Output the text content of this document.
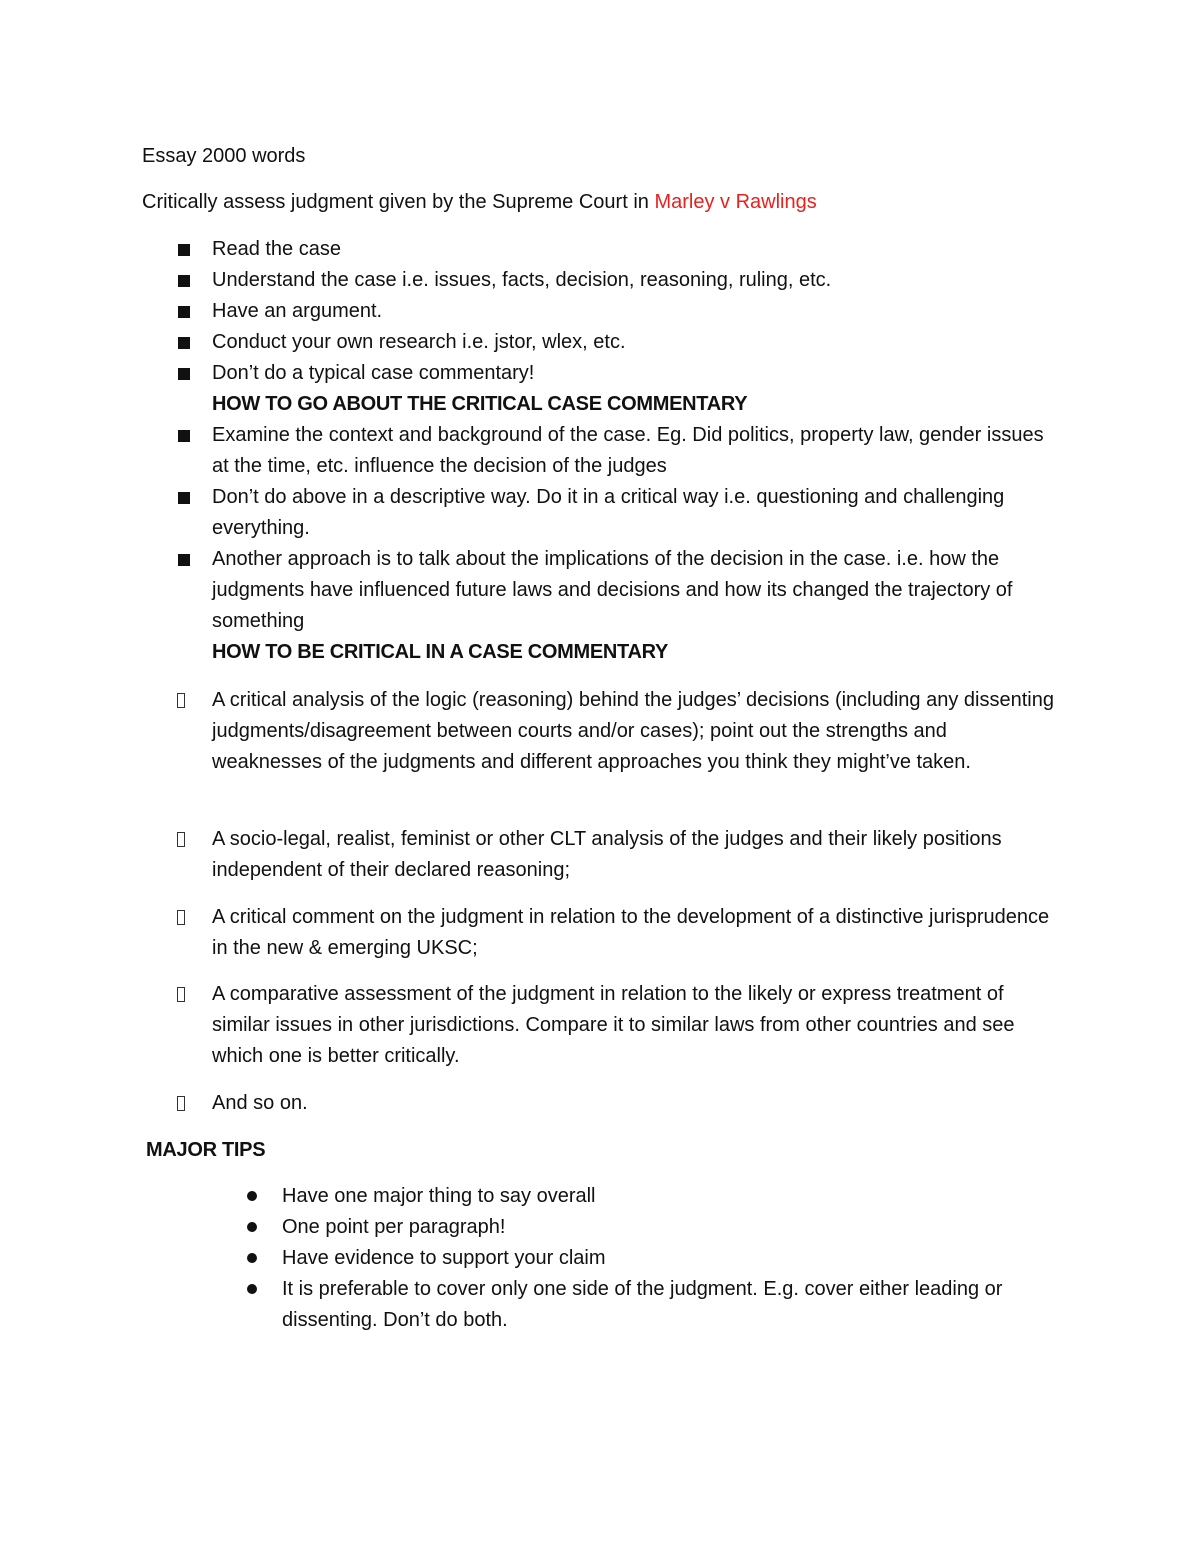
Essay 2000 words
Critically assess judgment given by the Supreme Court in Marley v Rawlings
Read the case
Understand the case i.e. issues, facts, decision, reasoning, ruling, etc.
Have an argument.
Conduct your own research i.e. jstor, wlex, etc.
Don’t do a typical case commentary!
HOW TO GO ABOUT THE CRITICAL CASE COMMENTARY
Examine the context and background of the case. Eg. Did politics, property law, gender issues at the time, etc. influence the decision of the judges
Don’t do above in a descriptive way. Do it in a critical way i.e. questioning and challenging everything.
Another approach is to talk about the implications of the decision in the case. i.e. how the judgments have influenced future laws and decisions and how its changed the trajectory of something
HOW TO BE CRITICAL IN A CASE COMMENTARY
A critical analysis of the logic (reasoning) behind the judges’ decisions (including any dissenting judgments/disagreement between courts and/or cases); point out the strengths and weaknesses of the judgments and different approaches you think they might’ve taken.
A socio-legal, realist, feminist or other CLT analysis of the judges and their likely positions independent of their declared reasoning;
A critical comment on the judgment in relation to the development of a distinctive jurisprudence in the new & emerging UKSC;
A comparative assessment of the judgment in relation to the likely or express treatment of similar issues in other jurisdictions. Compare it to similar laws from other countries and see which one is better critically.
And so on.
MAJOR TIPS
Have one major thing to say overall
One point per paragraph!
Have evidence to support your claim
It is preferable to cover only one side of the judgment. E.g. cover either leading or dissenting. Don’t do both.
